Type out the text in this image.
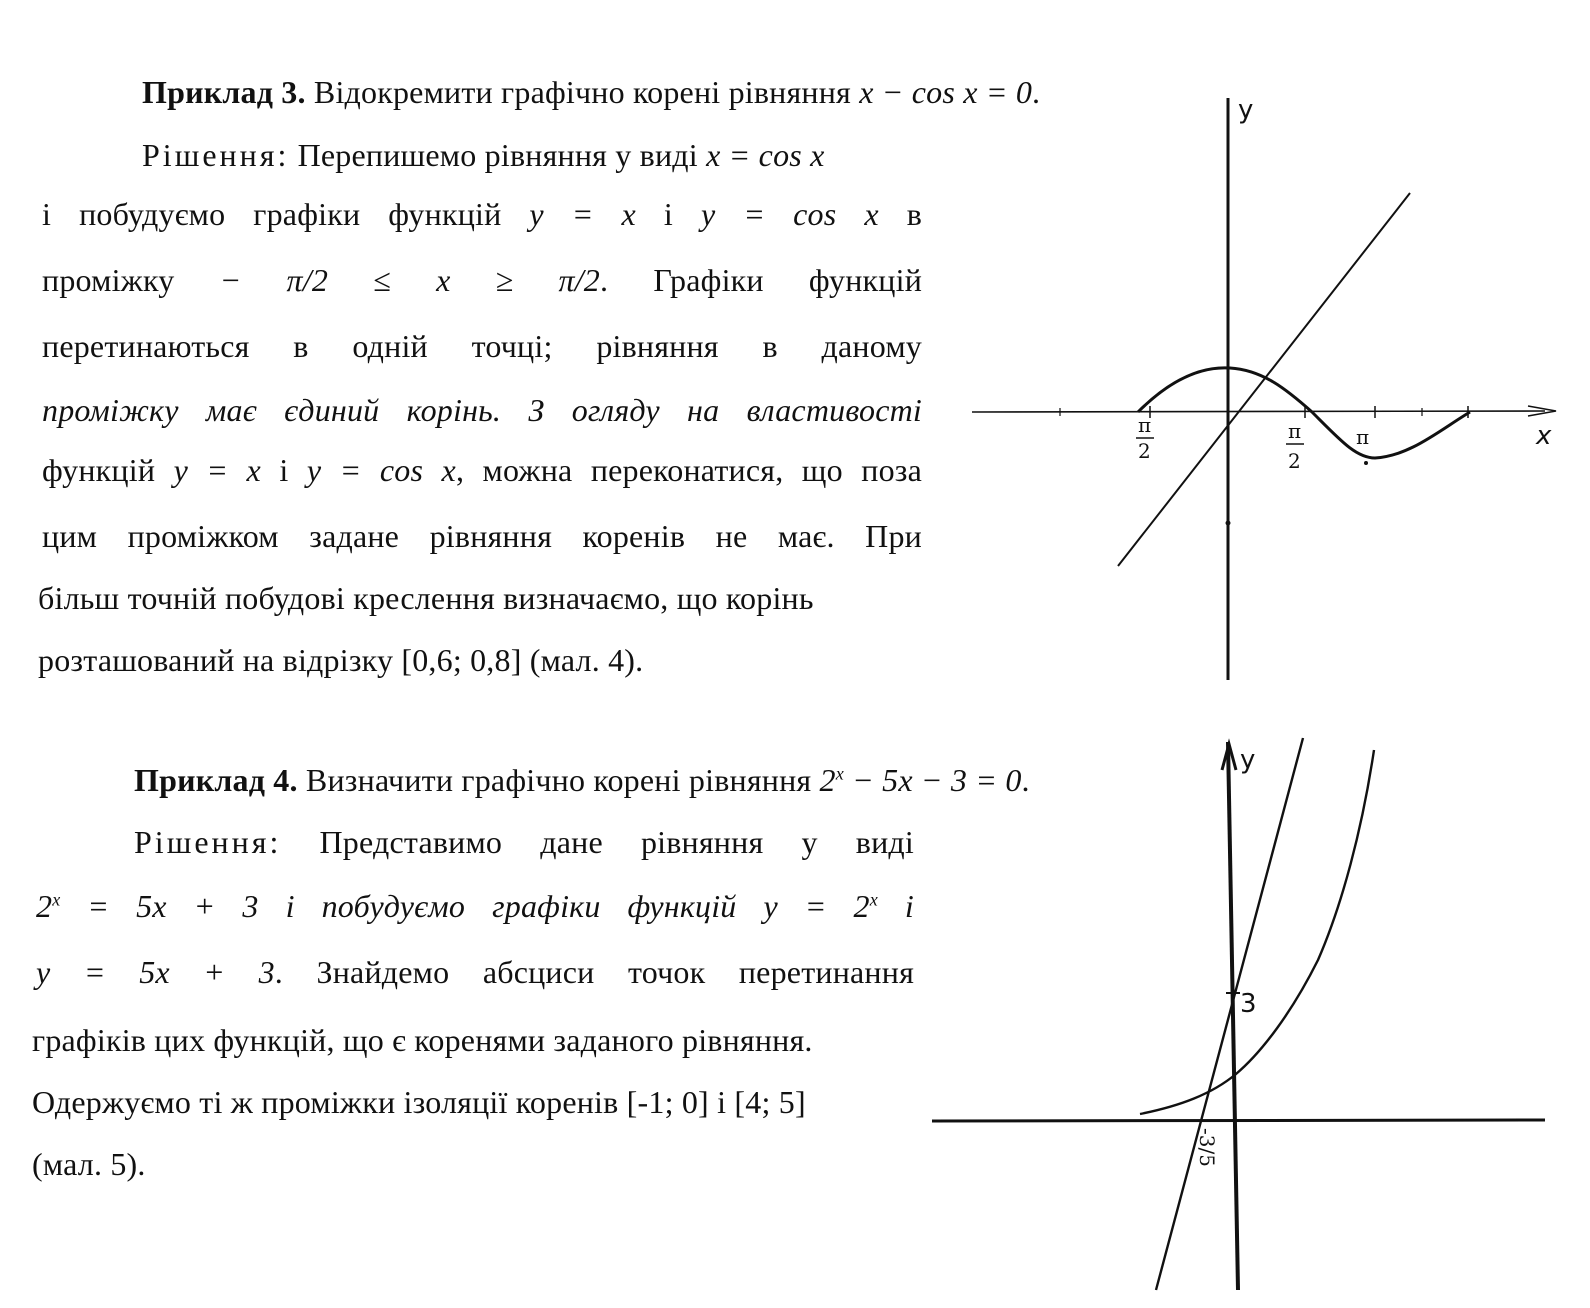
Приклад 3. Відокремити графічно корені рівняння x − cos x = 0.

Рішення: Перепишемо рівняння у виді x = cos x

і побудуємо графіки функцій y = x і y = cos x в

проміжку − π/2 ≤ x ≥ π/2. Графіки функцій

перетинаються в одній точці; рівняння в даному

проміжку має єдиний корінь. З огляду на властивості

функцій y = x і y = cos x, можна переконатися, що поза

цим проміжком задане рівняння коренів не має. При

більш точній побудові креслення визначаємо, що корінь

розташований на відрізку [0,6; 0,8] (мал. 4).

Приклад 4. Визначити графічно корені рівняння $2^x - 5x - 3 = 0$.

Рішення: Представимо дане рівняння у виді

$2^x = 5x + 3$ і побудуємо графіки функцій $y = 2^x$ і

y = 5x + 3. Знайдемо абсциси точок перетинання

графіків цих функцій, що є коренями заданого рівняння.

Одержуємо ті ж проміжки ізоляції коренів [-1; 0] і [4; 5]

(мал. 5).

y
x
π
2
π
2
π
y
3
-3/5
